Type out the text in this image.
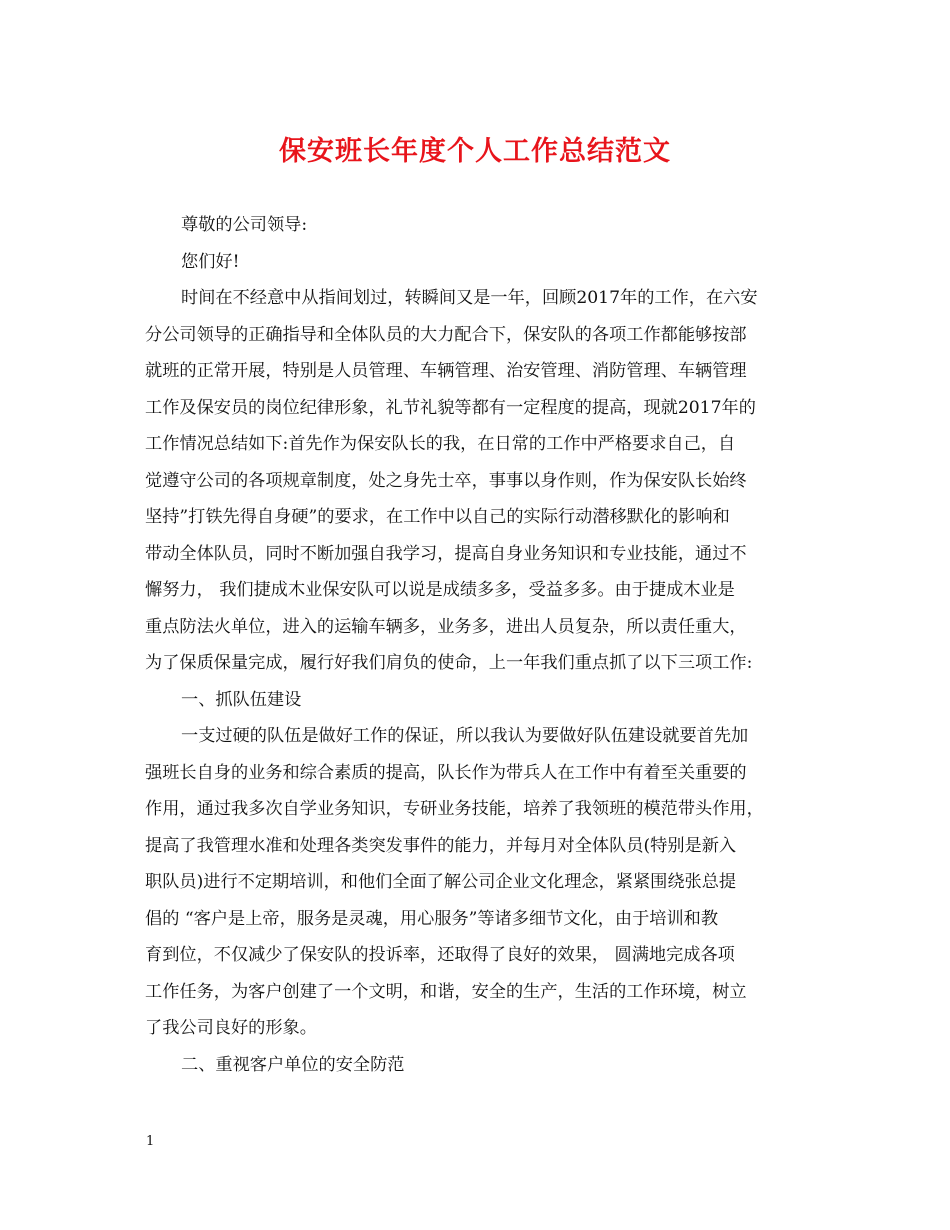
保安班长年度个人工作总结范文
尊敬的公司领导:
您们好!
时间在不经意中从指间划过，转瞬间又是一年，回顾2017年的工作，在六安
分公司领导的正确指导和全体队员的大力配合下，保安队的各项工作都能够按部
就班的正常开展，特别是人员管理、车辆管理、治安管理、消防管理、车辆管理
工作及保安员的岗位纪律形象，礼节礼貌等都有一定程度的提高，现就2017年的
工作情况总结如下:首先作为保安队长的我，在日常的工作中严格要求自己，自
觉遵守公司的各项规章制度，处之身先士卒，事事以身作则，作为保安队长始终
坚持”打铁先得自身硬”的要求，在工作中以自己的实际行动潜移默化的影响和
带动全体队员，同时不断加强自我学习，提高自身业务知识和专业技能，通过不
懈努力， 我们捷成木业保安队可以说是成绩多多，受益多多。由于捷成木业是
重点防法火单位，进入的运输车辆多，业务多，进出人员复杂，所以责任重大，
为了保质保量完成，履行好我们肩负的使命，上一年我们重点抓了以下三项工作:
一、抓队伍建设
一支过硬的队伍是做好工作的保证，所以我认为要做好队伍建设就要首先加
强班长自身的业务和综合素质的提高，队长作为带兵人在工作中有着至关重要的
作用，通过我多次自学业务知识，专研业务技能，培养了我领班的模范带头作用，
提高了我管理水准和处理各类突发事件的能力，并每月对全体队员(特别是新入
职队员)进行不定期培训，和他们全面了解公司企业文化理念，紧紧围绕张总提
倡的 “客户是上帝，服务是灵魂，用心服务”等诸多细节文化，由于培训和教
育到位，不仅减少了保安队的投诉率，还取得了良好的效果， 圆满地完成各项
工作任务，为客户创建了一个文明，和谐，安全的生产，生活的工作环境，树立
了我公司良好的形象。
二、重视客户单位的安全防范
1
